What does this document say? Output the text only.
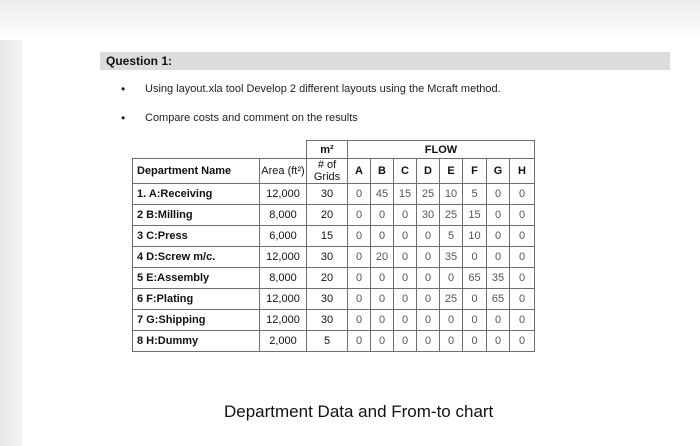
Question 1:
• Using layout.xla tool Develop 2 different layouts using the Mcraft method.
• Compare costs and comment on the results
		m²	FLOW							
Department Name	Area (ft²)	# of Grids	A	B	C	D	E	F	G	H
1. A:Receiving	12,000	30	0	45	15	25	10	5	0	0
2 B:Milling	8,000	20	0	0	0	30	25	15	0	0
3 C:Press	6,000	15	0	0	0	0	5	10	0	0
4 D:Screw m/c.	12,000	30	0	20	0	0	35	0	0	0
5 E:Assembly	8,000	20	0	0	0	0	0	65	35	0
6 F:Plating	12,000	30	0	0	0	0	25	0	65	0
7 G:Shipping	12,000	30	0	0	0	0	0	0	0	0
8 H:Dummy	2,000	5	0	0	0	0	0	0	0	0
Department Data and From-to chart
